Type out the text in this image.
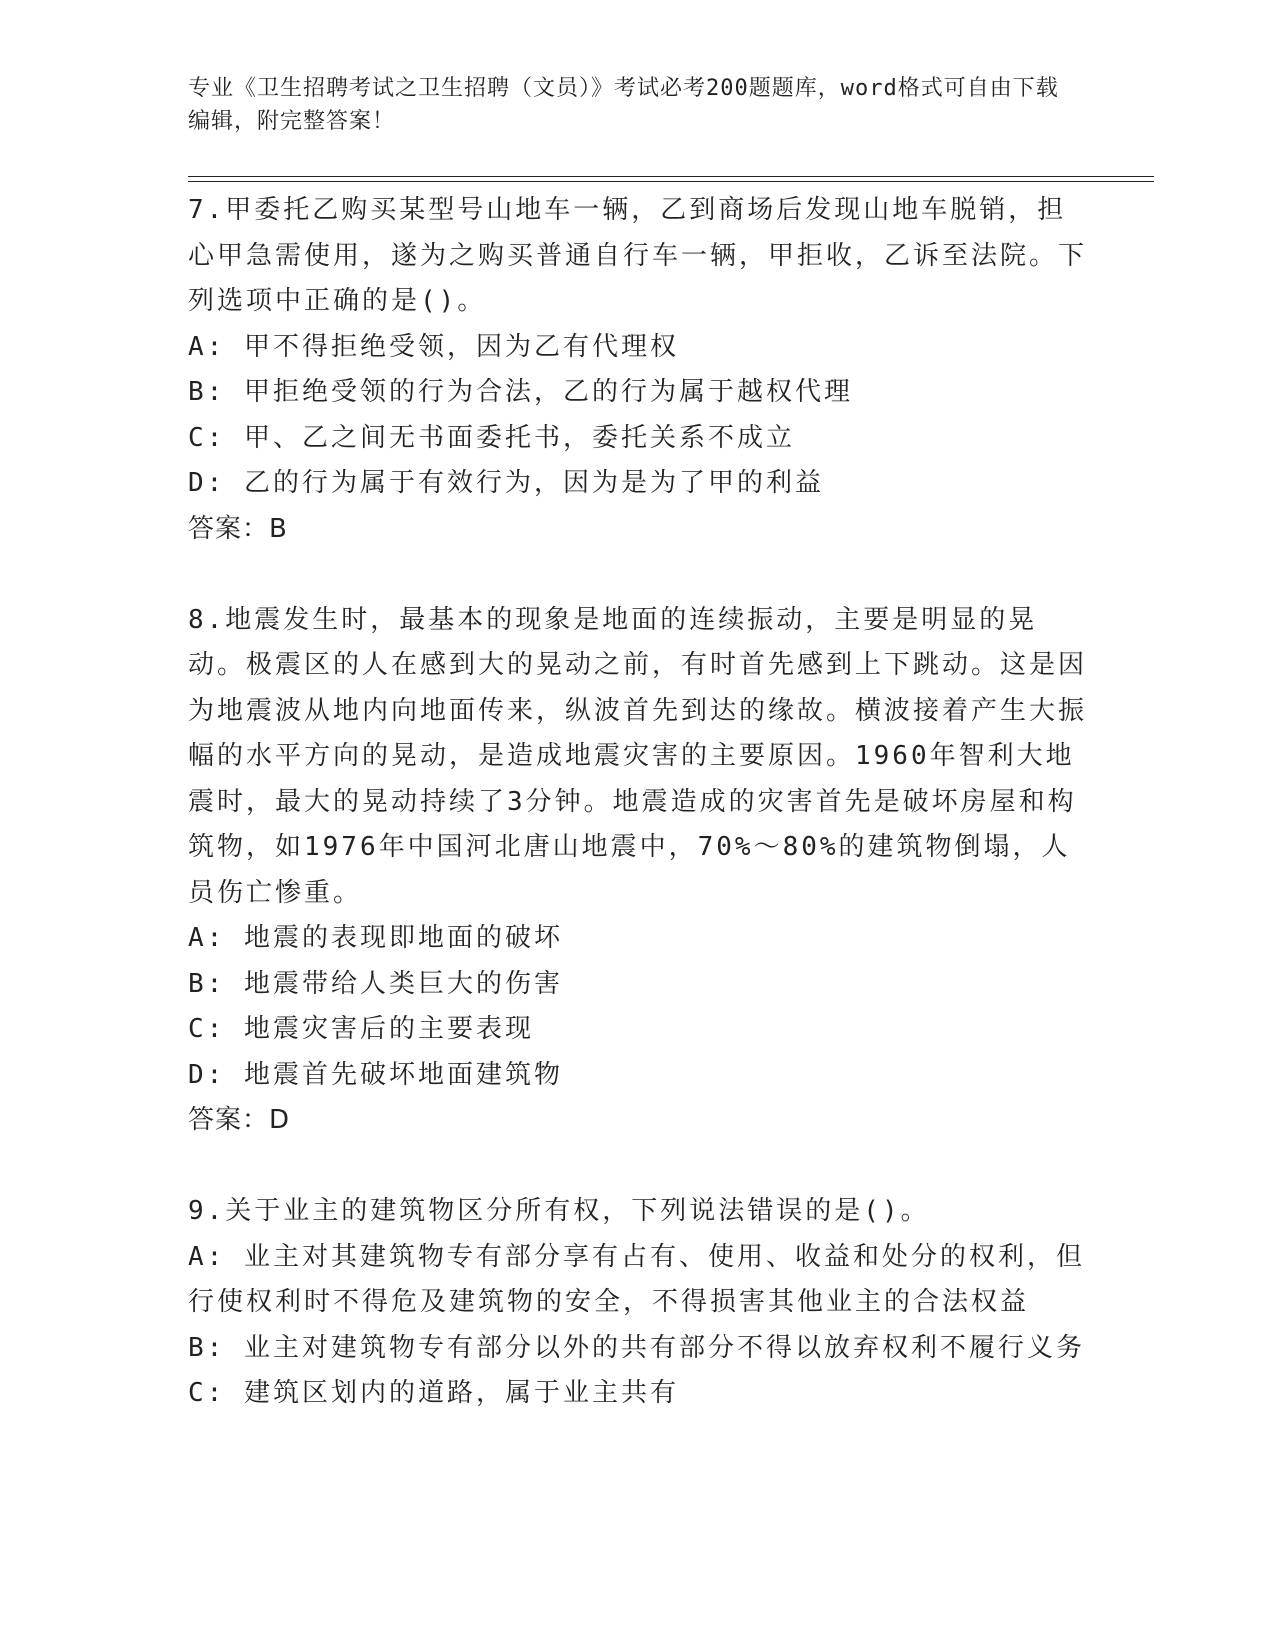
专业《卫生招聘考试之卫生招聘（文员）》考试必考200题题库，word格式可自由下载编辑，附完整答案！

7.甲委托乙购买某型号山地车一辆，乙到商场后发现山地车脱销，担心甲急需使用，遂为之购买普通自行车一辆，甲拒收，乙诉至法院。下列选项中正确的是()。

A: 甲不得拒绝受领，因为乙有代理权

B: 甲拒绝受领的行为合法，乙的行为属于越权代理

C: 甲、乙之间无书面委托书，委托关系不成立

D: 乙的行为属于有效行为，因为是为了甲的利益

答案：B

8.地震发生时，最基本的现象是地面的连续振动，主要是明显的晃动。极震区的人在感到大的晃动之前，有时首先感到上下跳动。这是因为地震波从地内向地面传来，纵波首先到达的缘故。横波接着产生大振幅的水平方向的晃动，是造成地震灾害的主要原因。1960年智利大地震时，最大的晃动持续了3分钟。地震造成的灾害首先是破坏房屋和构筑物，如1976年中国河北唐山地震中，70%～80%的建筑物倒塌，人员伤亡惨重。

A: 地震的表现即地面的破坏

B: 地震带给人类巨大的伤害

C: 地震灾害后的主要表现

D: 地震首先破坏地面建筑物

答案：D

9.关于业主的建筑物区分所有权，下列说法错误的是()。

A: 业主对其建筑物专有部分享有占有、使用、收益和处分的权利，但行使权利时不得危及建筑物的安全，不得损害其他业主的合法权益

B: 业主对建筑物专有部分以外的共有部分不得以放弃权利不履行义务

C: 建筑区划内的道路，属于业主共有
